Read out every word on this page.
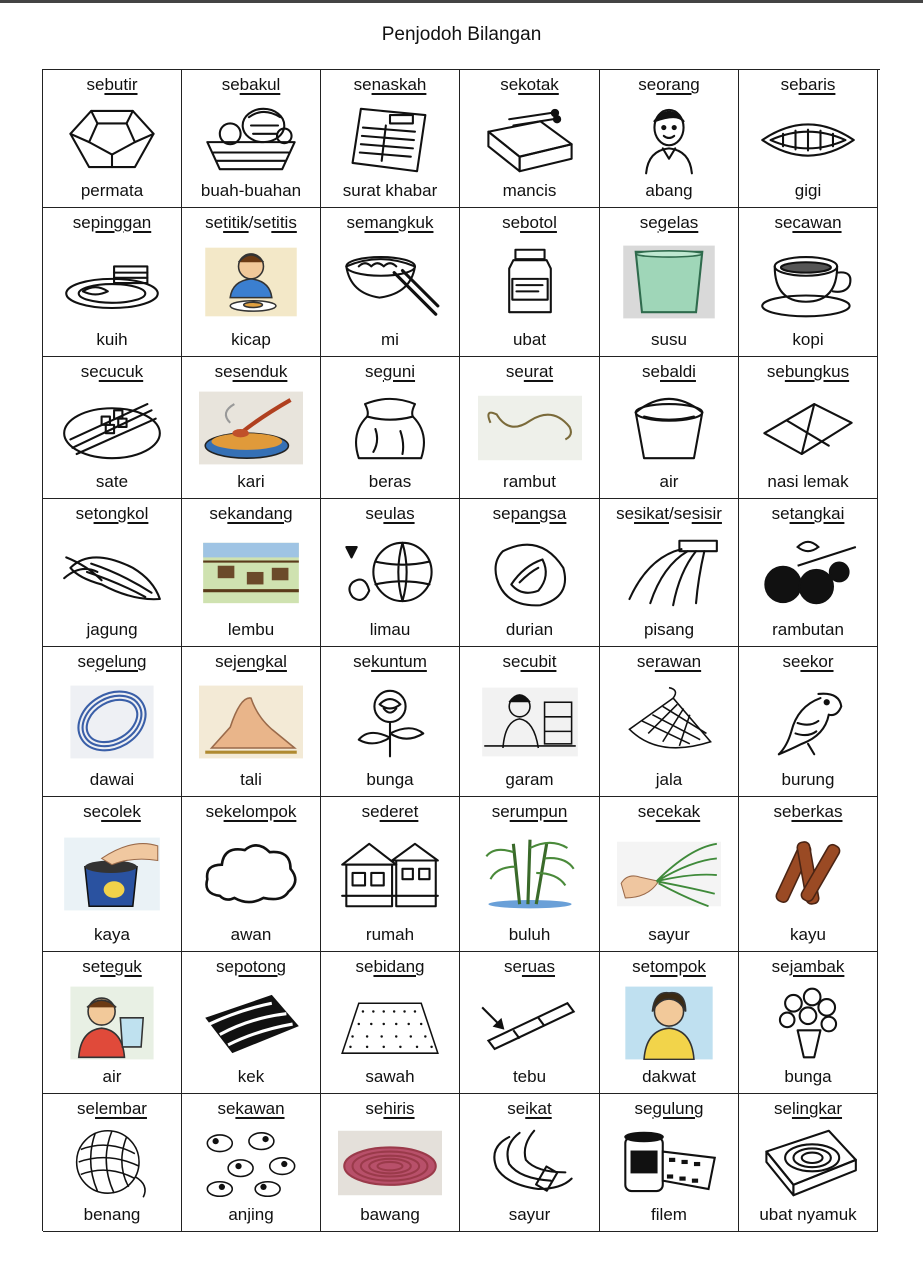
Penjodoh Bilangan
sebutir
permata
sebakul
buah-buahan
senaskah
surat khabar
sekotak
mancis
seorang
abang
sebaris
gigi
sepinggan
kuih
setitik/setitis
kicap
semangkuk
mi
sebotol
ubat
segelas
susu
secawan
kopi
secucuk
sate
sesenduk
kari
seguni
beras
seurat
rambut
sebaldi
air
sebungkus
nasi lemak
setongkol
jagung
sekandang
lembu
seulas
limau
sepangsa
durian
sesikat/sesisir
pisang
setangkai
rambutan
segelung
dawai
sejengkal
tali
sekuntum
bunga
secubit
garam
serawan
jala
seekor
burung
secolek
kaya
sekelompok
awan
sederet
rumah
serumpun
buluh
secekak
sayur
seberkas
kayu
seteguk
air
sepotong
kek
sebidang
sawah
seruas
tebu
setompok
dakwat
sejambak
bunga
selembar
benang
sekawan
anjing
sehiris
bawang
seikat
sayur
segulung
filem
selingkar
ubat nyamuk
